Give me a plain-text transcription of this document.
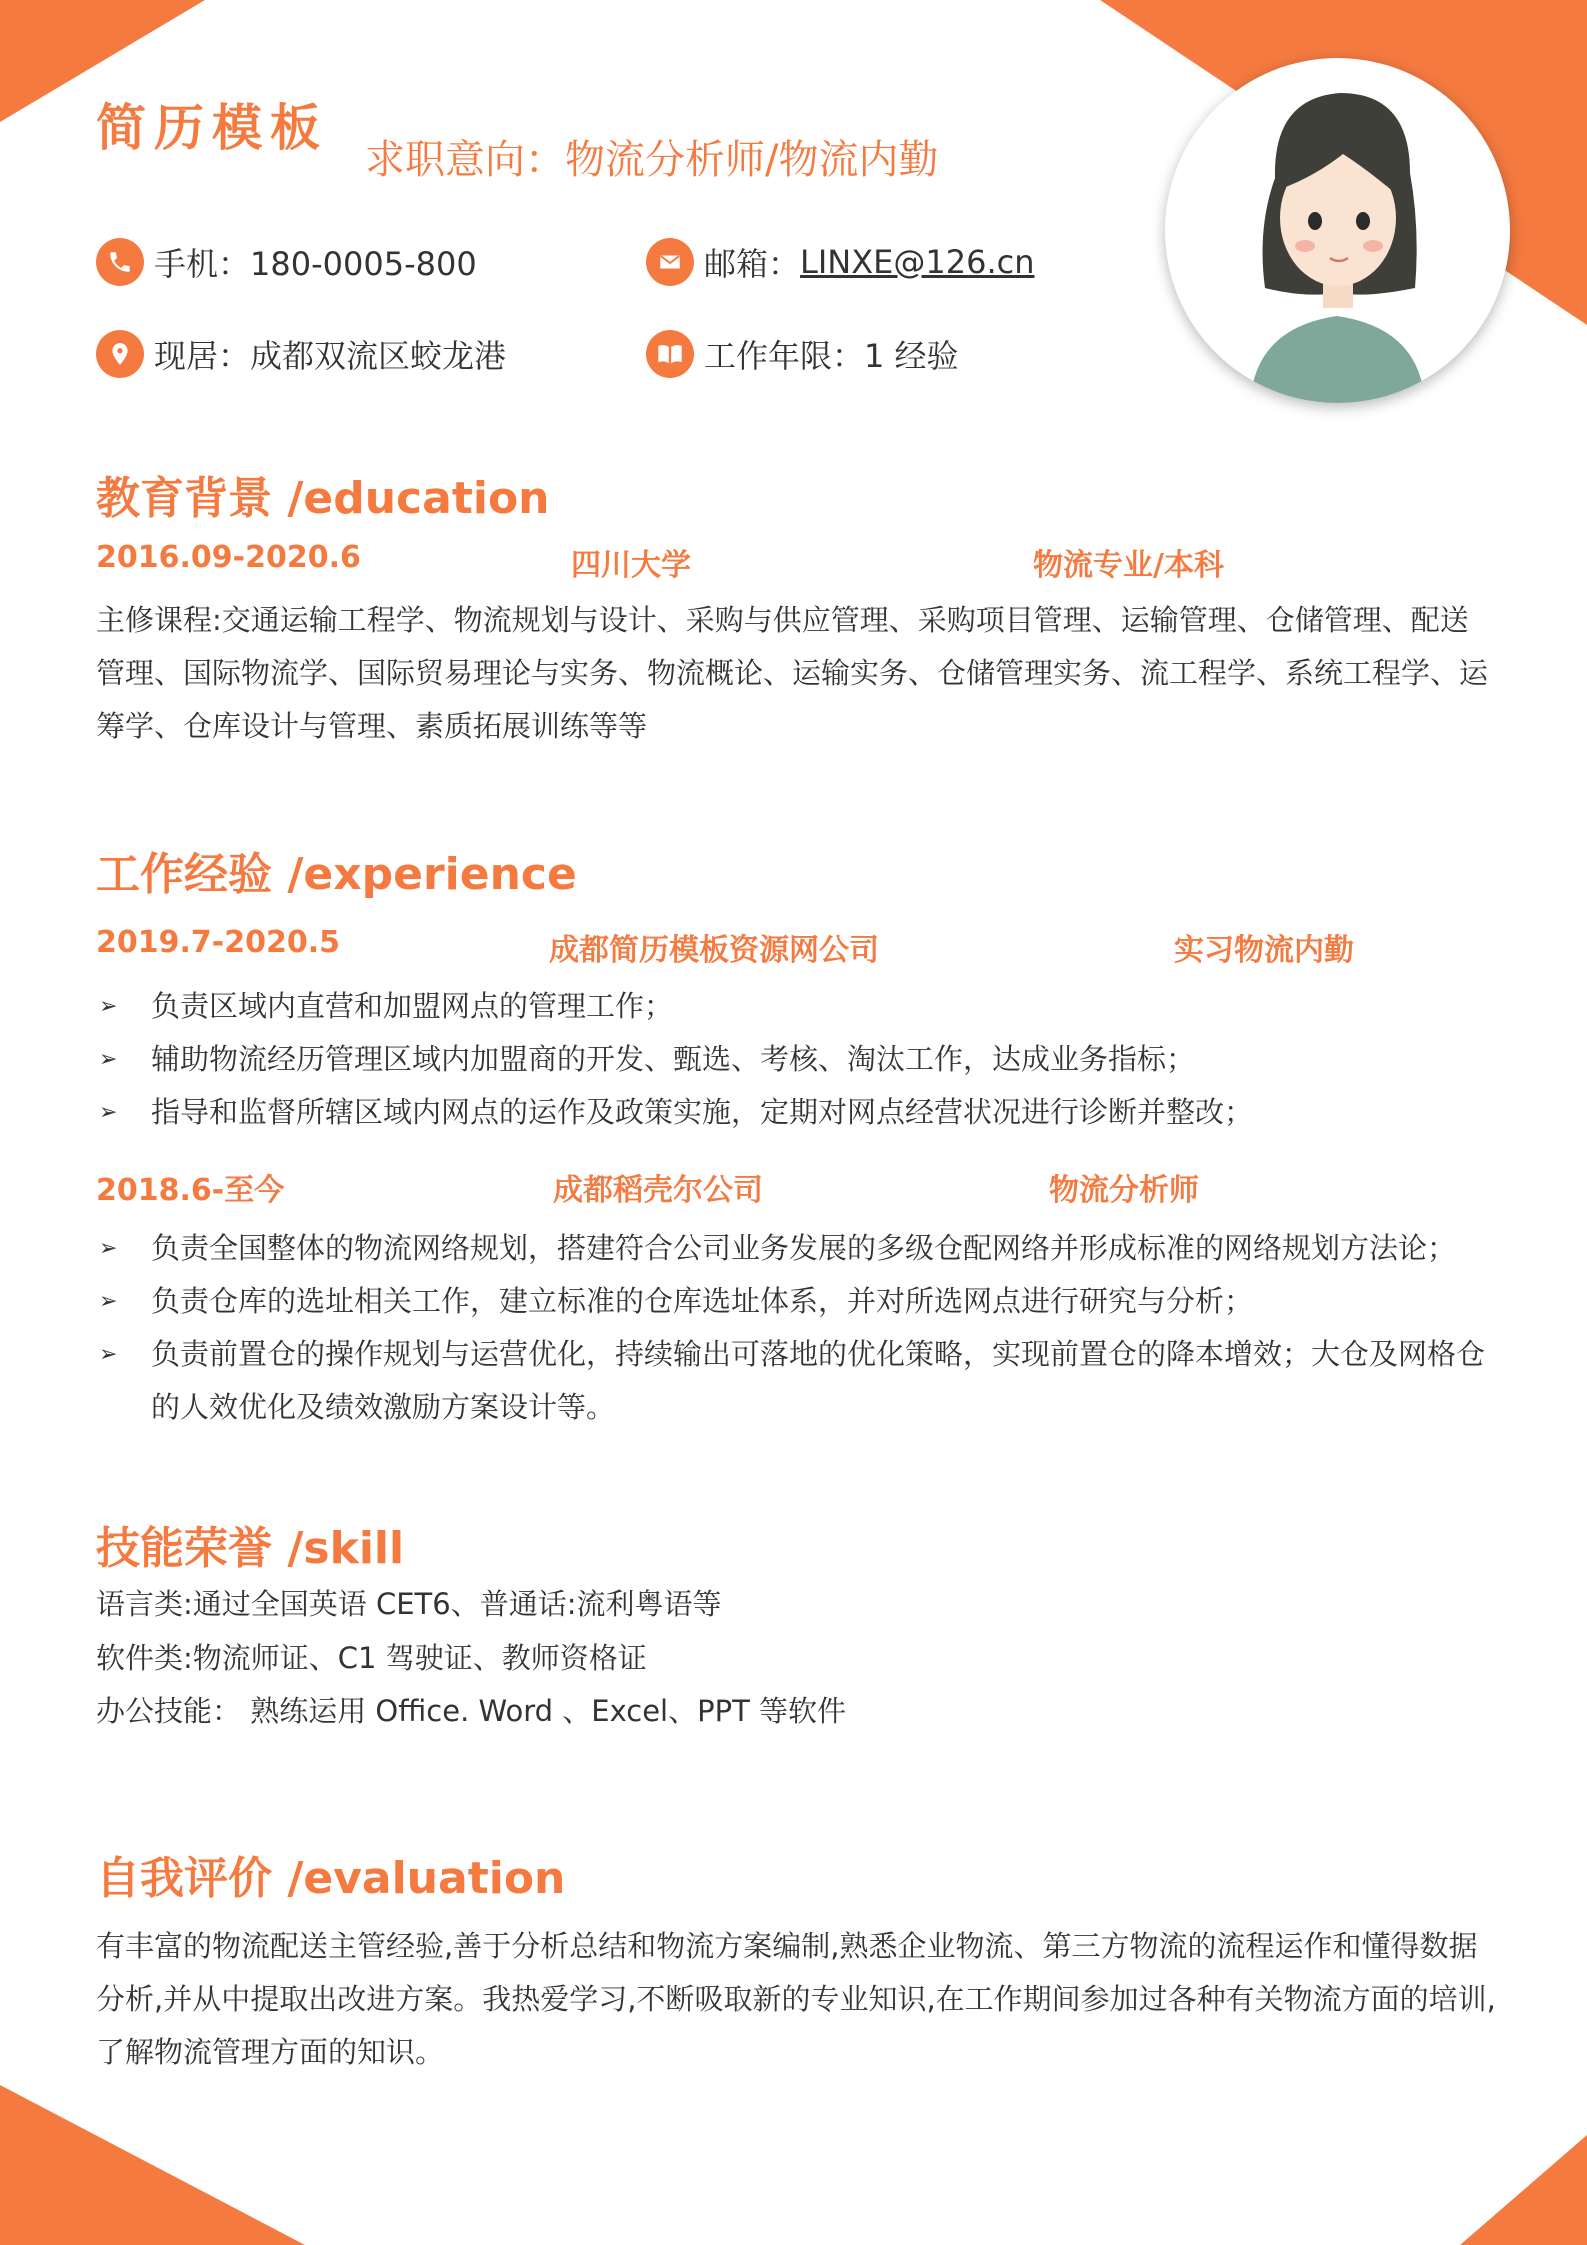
简历模板
求职意向：物流分析师/物流内勤
手机：180-0005-800	邮箱： LINXE@126.cn
现居：成都双流区蛟龙港	工作年限：1 经验
教育背景 /education
2016.09-2020.6	四川大学	物流专业/本科

主修课程:交通运输工程学、物流规划与设计、采购与供应管理、采购项目管理、运输管理、仓储管理、配送管理、国际物流学、国际贸易理论与实务、物流概论、运输实务、仓储管理实务、流工程学、系统工程学、运筹学、仓库设计与管理、素质拓展训练等等

工作经验 /experience
2019.7-2020.5	成都简历模板资源网公司	实习物流内勤
➢ 负责区域内直营和加盟网点的管理工作；
➢ 辅助物流经历管理区域内加盟商的开发、甄选、考核、淘汰工作，达成业务指标；
➢ 指导和监督所辖区域内网点的运作及政策实施，定期对网点经营状况进行诊断并整改；
2018.6-至今	成都稻壳尔公司	物流分析师
➢ 负责全国整体的物流网络规划，搭建符合公司业务发展的多级仓配网络并形成标准的网络规划方法论；
➢ 负责仓库的选址相关工作，建立标准的仓库选址体系，并对所选网点进行研究与分析；
➢ 负责前置仓的操作规划与运营优化，持续输出可落地的优化策略，实现前置仓的降本增效；大仓及网格仓的人效优化及绩效激励方案设计等。
技能荣誉 /skill
语言类:通过全国英语 CET6、普通话:流利粤语等
软件类:物流师证、C1 驾驶证、教师资格证
办公技能： 熟练运用 Office. Word 、Excel、PPT 等软件
自我评价 /evaluation

有丰富的物流配送主管经验,善于分析总结和物流方案编制,熟悉企业物流、第三方物流的流程运作和懂得数据分析,并从中提取出改进方案。我热爱学习,不断吸取新的专业知识,在工作期间参加过各种有关物流方面的培训,了解物流管理方面的知识。
